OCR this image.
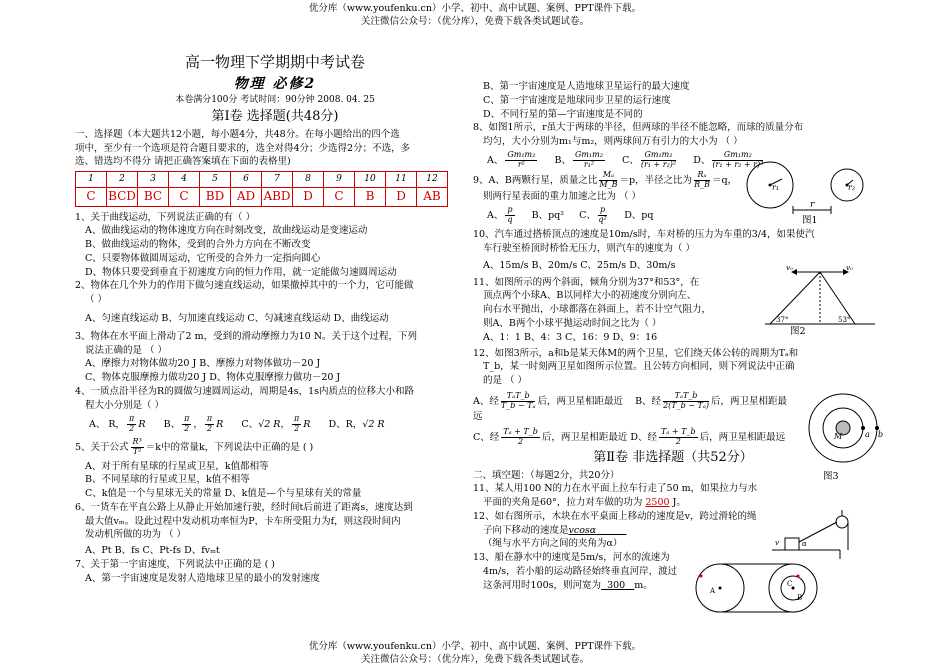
优分库（www.youfenku.cn）小学、初中、高中试题、案例、PPT课件下载。
关注微信公众号：（优分库），免费下载各类试题试卷。
高一物理下学期期中考试卷
物理 必修2
本卷满分100分 考试时间：90分钟 2008. 04. 25
第Ⅰ卷 选择题(共48分)
一、选择题（本大题共12小题，每小题4分，共48分。在每小题给出的四个选
项中，至少有一个选项是符合题目要求的，选全对得4分；少选得2分；不选，多
选、错选均不得分 请把正确答案填在下面的表格里)
1	2	3	4	5	6	7	8	9	10	11	12
C	BCD	BC	C	BD	AD	ABD	D	C	B	D	AB
1、关于曲线运动，下列说法正确的有（ ）
A、做曲线运动的物体速度方向在时刻改变，故曲线运动是变速运动
B、做曲线运动的物体，受到的合外力方向在不断改变
C、只要物体做圆周运动，它所受的合外力一定指向圆心
D、物体只要受到垂直于初速度方向的恒力作用，就一定能做匀速圆周运动
2、物体在几个外力的作用下做匀速直线运动，如果撤掉其中的一个力，它可能做
（ ）
A、匀速直线运动 B、匀加速直线运动 C、匀减速直线运动 D、曲线运动
3、物体在水平面上滑动了2 m，受到的滑动摩擦力为10 N。关于这个过程，下列
说法正确的是 （ ）
A、摩擦力对物体做功20 J B、摩擦力对物体做功－20 J
C、物体克服摩擦力做功20 J D、物体克服摩擦力做功－20 J
4、一质点沿半径为R的圆做匀速圆周运动，周期是4s，1s内质点的位移大小和路
程大小分别是（ ）
A、 R， $\frac{\pi}{2}$ R B、 $\frac{\pi}{2}$ ， $\frac{\pi}{2}$ R C、√2 R， $\frac{\pi}{2}$ R D、R，√2 R
5、关于公式 $\frac{\text{R³}}{\text{T²}} =k$中的常量k，下列说法中正确的是 ( )
A、对于所有星球的行星或卫星，k值都相等
B、不同星球的行星或卫星，k值不相等
C、k值是一个与星球无关的常量 D、k值是—个与星球有关的常量
6、一货车在平直公路上从静止开始加速行驶，经时间t后前进了距离s，速度达到
最大值vₘ。设此过程中发动机功率恒为P，卡车所受阻力为f，则这段时间内
发动机所做的功为 （ ）
A、Pt B、fs C、Pt-fs D、fvₘt
7、关于第一宇宙速度，下列说法中正确的是 ( )
A、第一宇宙速度是发射人造地球卫星的最小的发射速度
B、第一宇宙速度是人造地球卫星运行的最大速度
C、第一宇宙速度是地球同步卫星的运行速度
D、不同行星的第—宇宙速度是不同的
8、如图1所示，r虽大于两球的半径，但两球的半径不能忽略，而球的质量分布
均匀，大小分别为m₁与m₂，则两球间万有引力的大小为 （ ）
A、 $\frac{\text{Gm₁m₂}}{\text{r²}}$ B、 $\frac{\text{Gm₁m₂}}{\text{r₁²}}$ C、 $\frac{\text{Gm₁m₂}}{\text{(r₁ + r₂)²}}$ D、 $\frac{\text{Gm₁m₂}}{\text{(r₁ + r₂ + r)²}}$

9、A、B两颗行星，质量之比 $\frac{\text{Mₐ}}{M\_B} =p$，半径之比为 $\frac{\text{Rₐ}}{R\_B} =q$，
则两行星表面的重力加速之比为 （ ）
A、 $\frac{p}{q}$ B、pq² C、 $\frac{p}{\text{q²}}$ D、pq
10、汽车通过搭桥顶点的速度是10m/s时，车对桥的压力为车重的3/4，如果使汽
车行驶至桥顶时桥恰无压力，则汽车的速度为（ ）
A、15m/s B、20m/s C、25m/s D、30m/s
11、如图所示的两个斜面，倾角分别为37°和53°，在
顶点两个小球A、B以同样大小的初速度分别向左、
向右水平抛出，小球都落在斜面上，若不计空气阻力，
则A、B两个小球平抛运动时间之比为（ ）
A、1：1 B、4：3 C、16：9 D、9：16
12、如图3所示，a和b是某天体M的两个卫星，它们绕天体公转的周期为Tₐ和
T_b，某一时刻两卫星如图所示位置。且公转方向相同，则下列说法中正确
的是 （ ）
A、经 $\frac{\text{TₐT\_b}}{\text{T\_b − Tₐ}}$ 后，两卫星相距最近 B、经 $\frac{\text{TₐT\_b}}{\text{2(T\_b − Tₐ)}}$ 后，两卫星相距最
远
C、经 $\frac{\text{Tₐ + T\_b}}{2}$ 后，两卫星相距最近 D、经 $\frac{\text{Tₐ + T\_b}}{2}$ 后，两卫星相距最远
第Ⅱ卷 非选择题（共52分）
二、填空题：（每题2分，共20分）
11、某人用100 N的力在水平面上拉车行走了50 m，如果拉力与水
平面的夹角是60°，拉力对车做的功为 2500 J。
12、如右图所示，木块在水平桌面上移动的速度是v，跨过滑轮的绳
子向下移动的速度是vcosα
（绳与水平方向之间的夹角为α）
13、船在静水中的速度是5m/s，河水的流速为
4m/s，若小船的运动路径始终垂直河岸，渡过
这条河用时100s，则河宽为 300 m。
r₁	r₂
r
图1
v₀	v₀
37°	53°
图2
M	a b
图3
α
v
A
B
C
优分库（www.youfenku.cn）小学、初中、高中试题、案例、PPT课件下载。
关注微信公众号：（优分库），免费下载各类试题试卷。
